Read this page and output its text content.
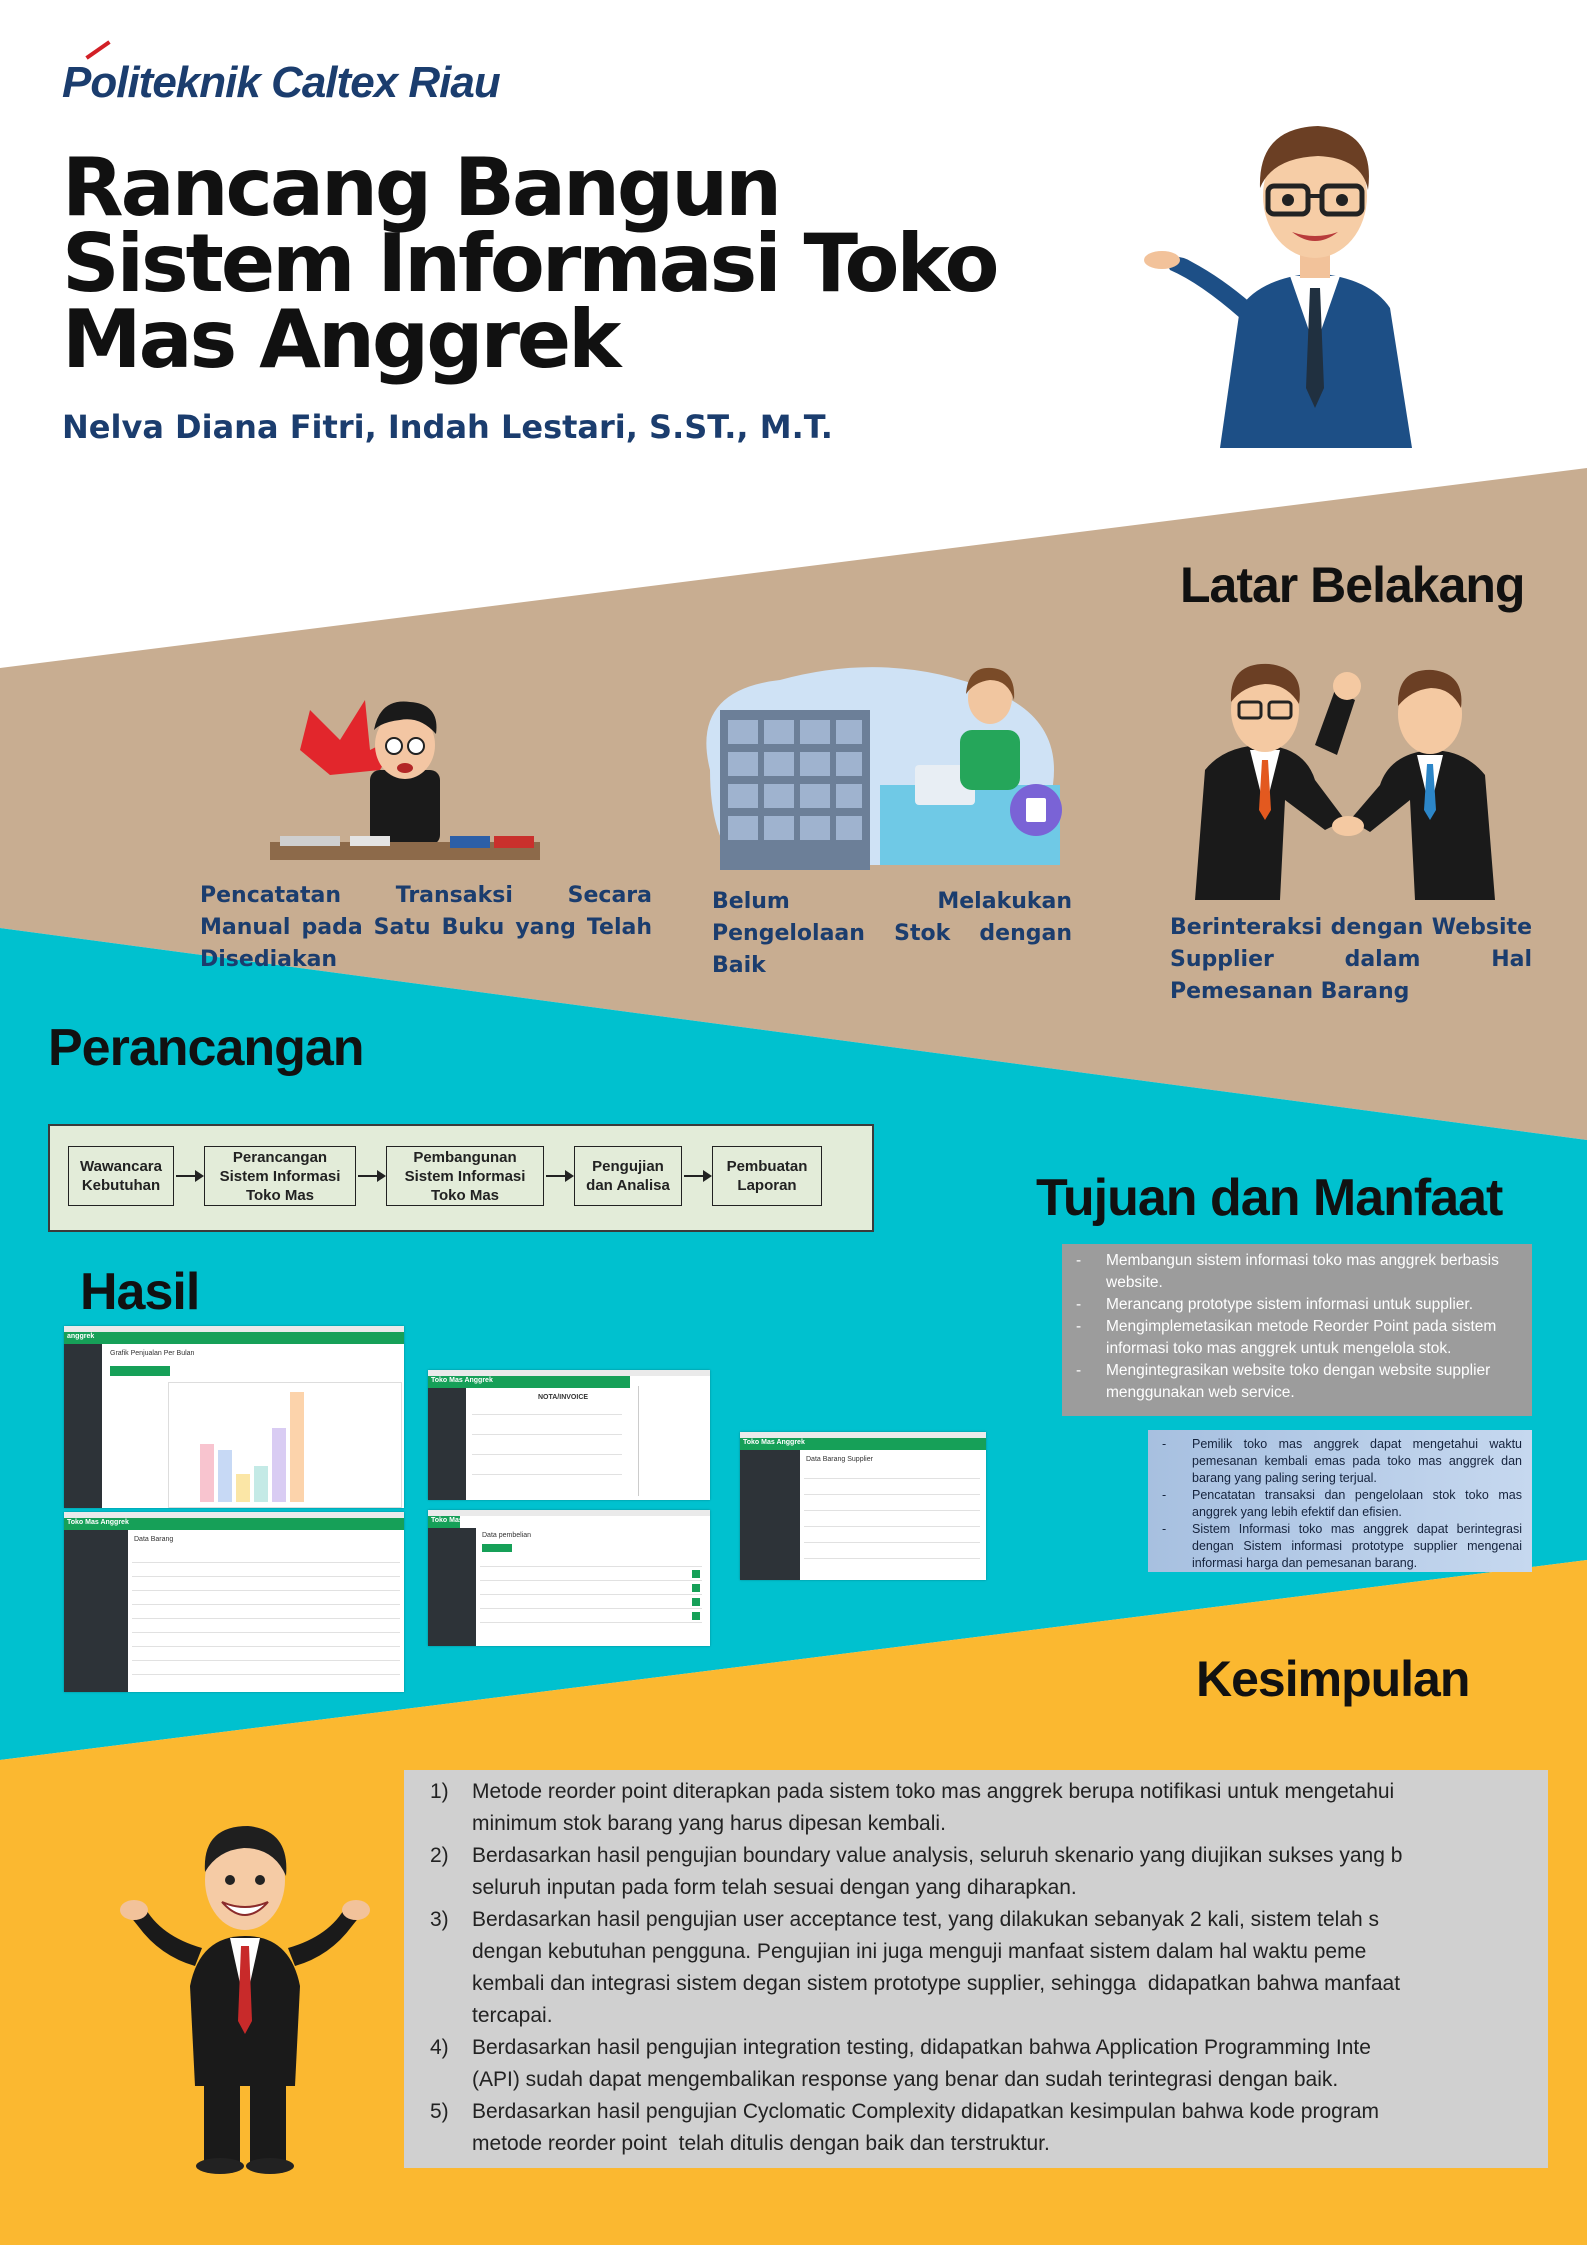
Politeknik Caltex Riau
Rancang Bangun Sistem Informasi Toko Mas Anggrek
Nelva Diana Fitri, Indah Lestari, S.ST., M.T.
Latar Belakang
Pencatatan Transaksi Secara Manual pada Satu Buku yang Telah Disediakan
Belum Melakukan Pengelolaan Stok dengan Baik
Berinteraksi dengan Website Supplier dalam Hal Pemesanan Barang
Perancangan
Wawancara Kebutuhan
Perancangan Sistem Informasi Toko Mas
Pembangunan Sistem Informasi Toko Mas
Pengujian dan Analisa
Pembuatan Laporan	Tujuan dan Manfaat
- Membangun sistem informasi toko mas anggrek berbasis website.
- Merancang prototype sistem informasi untuk supplier.
- Mengimplemetasikan metode Reorder Point pada sistem informasi toko mas anggrek untuk mengelola stok.
- Mengintegrasikan website toko dengan website supplier menggunakan web service.
- Pemilik toko mas anggrek dapat mengetahui waktu pemesanan kembali emas pada toko mas anggrek dan barang yang paling sering terjual.
- Pencatatan transaksi dan pengelolaan stok toko mas anggrek yang lebih efektif dan efisien.
- Sistem Informasi toko mas anggrek dapat berintegrasi dengan Sistem informasi prototype supplier mengenai informasi harga dan pemesanan barang.
Hasil
anggrek
Grafik Penjualan Per Bulan
Toko Mas Anggrek
NOTA/INVOICE
Toko Mas Anggrek
Data Barang Supplier
Toko Mas Anggrek
Data Barang
Toko Mas Anggrek
Data pembelian
Kesimpulan
1) Metode reorder point diterapkan pada sistem toko mas anggrek berupa notifikasi untuk mengetahui
minimum stok barang yang harus dipesan kembali.
2) Berdasarkan hasil pengujian boundary value analysis, seluruh skenario yang diujikan sukses yang b
seluruh inputan pada form telah sesuai dengan yang diharapkan.
3) Berdasarkan hasil pengujian user acceptance test, yang dilakukan sebanyak 2 kali, sistem telah s
dengan kebutuhan pengguna. Pengujian ini juga menguji manfaat sistem dalam hal waktu peme
kembali dan integrasi sistem degan sistem prototype supplier, sehingga  didapatkan bahwa manfaat
tercapai.
4) Berdasarkan hasil pengujian integration testing, didapatkan bahwa Application Programming Inte
(API) sudah dapat mengembalikan response yang benar dan sudah terintegrasi dengan baik.
5) Berdasarkan hasil pengujian Cyclomatic Complexity didapatkan kesimpulan bahwa kode program
metode reorder point  telah ditulis dengan baik dan terstruktur.
